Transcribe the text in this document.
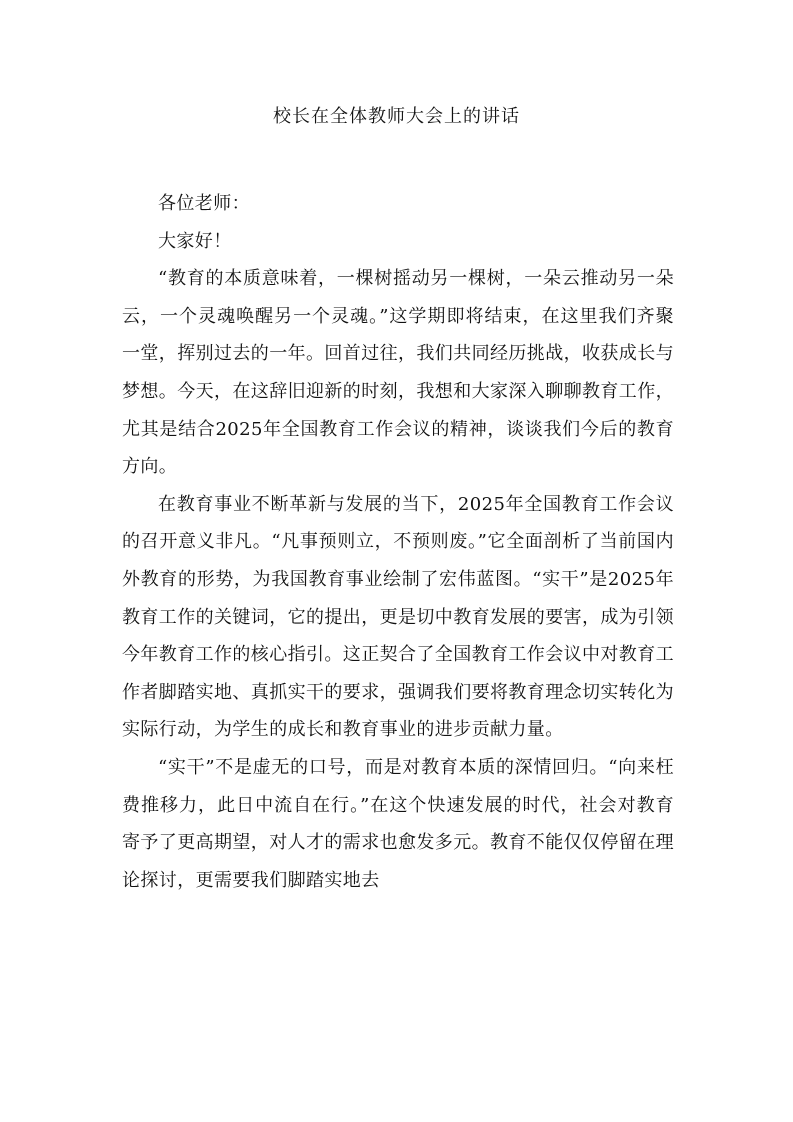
校长在全体教师大会上的讲话

各位老师：

大家好！

“教育的本质意味着，一棵树摇动另一棵树，一朵云推动另一朵云，一个灵魂唤醒另一个灵魂。”这学期即将结束，在这里我们齐聚一堂，挥别过去的一年。回首过往，我们共同经历挑战，收获成长与梦想。今天，在这辞旧迎新的时刻，我想和大家深入聊聊教育工作，尤其是结合2025年全国教育工作会议的精神，谈谈我们今后的教育方向。

在教育事业不断革新与发展的当下，2025年全国教育工作会议的召开意义非凡。“凡事预则立，不预则废。”它全面剖析了当前国内外教育的形势，为我国教育事业绘制了宏伟蓝图。“实干”是2025年教育工作的关键词，它的提出，更是切中教育发展的要害，成为引领今年教育工作的核心指引。这正契合了全国教育工作会议中对教育工作者脚踏实地、真抓实干的要求，强调我们要将教育理念切实转化为实际行动，为学生的成长和教育事业的进步贡献力量。

“实干”不是虚无的口号，而是对教育本质的深情回归。“向来枉费推移力，此日中流自在行。”在这个快速发展的时代，社会对教育寄予了更高期望，对人才的需求也愈发多元。教育不能仅仅停留在理论探讨，更需要我们脚踏实地去
